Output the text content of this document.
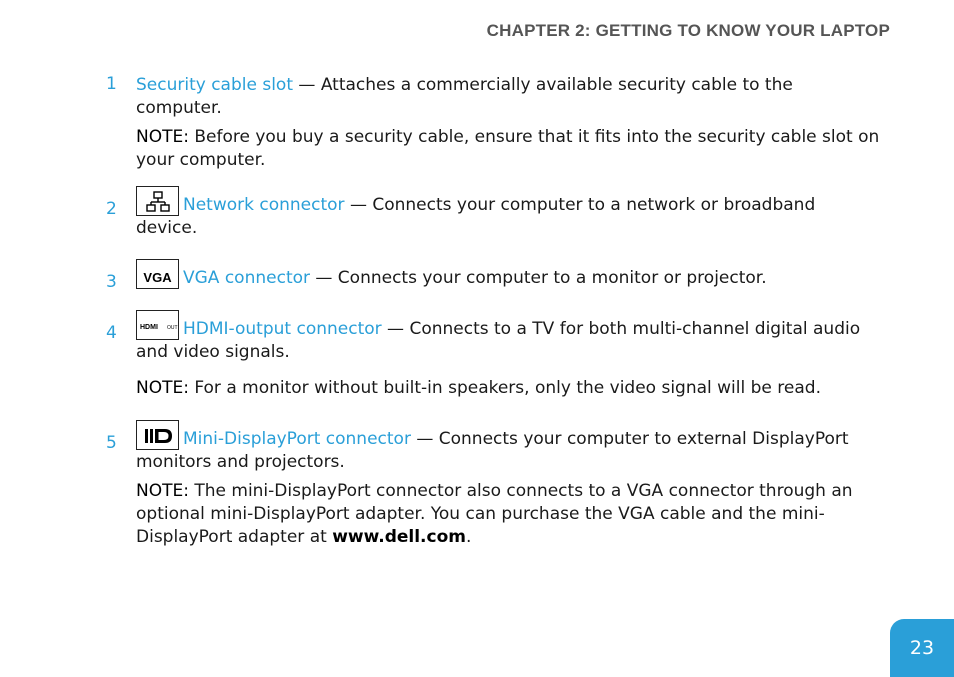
CHAPTER 2: GETTING TO KNOW YOUR LAPTOP
1 Security cable slot — Attaches a commercially available security cable to the computer.
NOTE: Before you buy a security cable, ensure that it fits into the security cable slot on your computer.
2	Network connector — Connects your computer to a network or broadband device.
3	VGA VGA connector — Connects your computer to a monitor or projector.
4	HDMI OUT HDMI-output connector — Connects to a TV for both multi-channel digital audio and video signals.
NOTE: For a monitor without built-in speakers, only the video signal will be read.
5	Mini-DisplayPort connector — Connects your computer to external DisplayPort monitors and projectors.
NOTE: The mini-DisplayPort connector also connects to a VGA connector through an optional mini-DisplayPort adapter. You can purchase the VGA cable and the mini-DisplayPort adapter at www.dell.com.
23
